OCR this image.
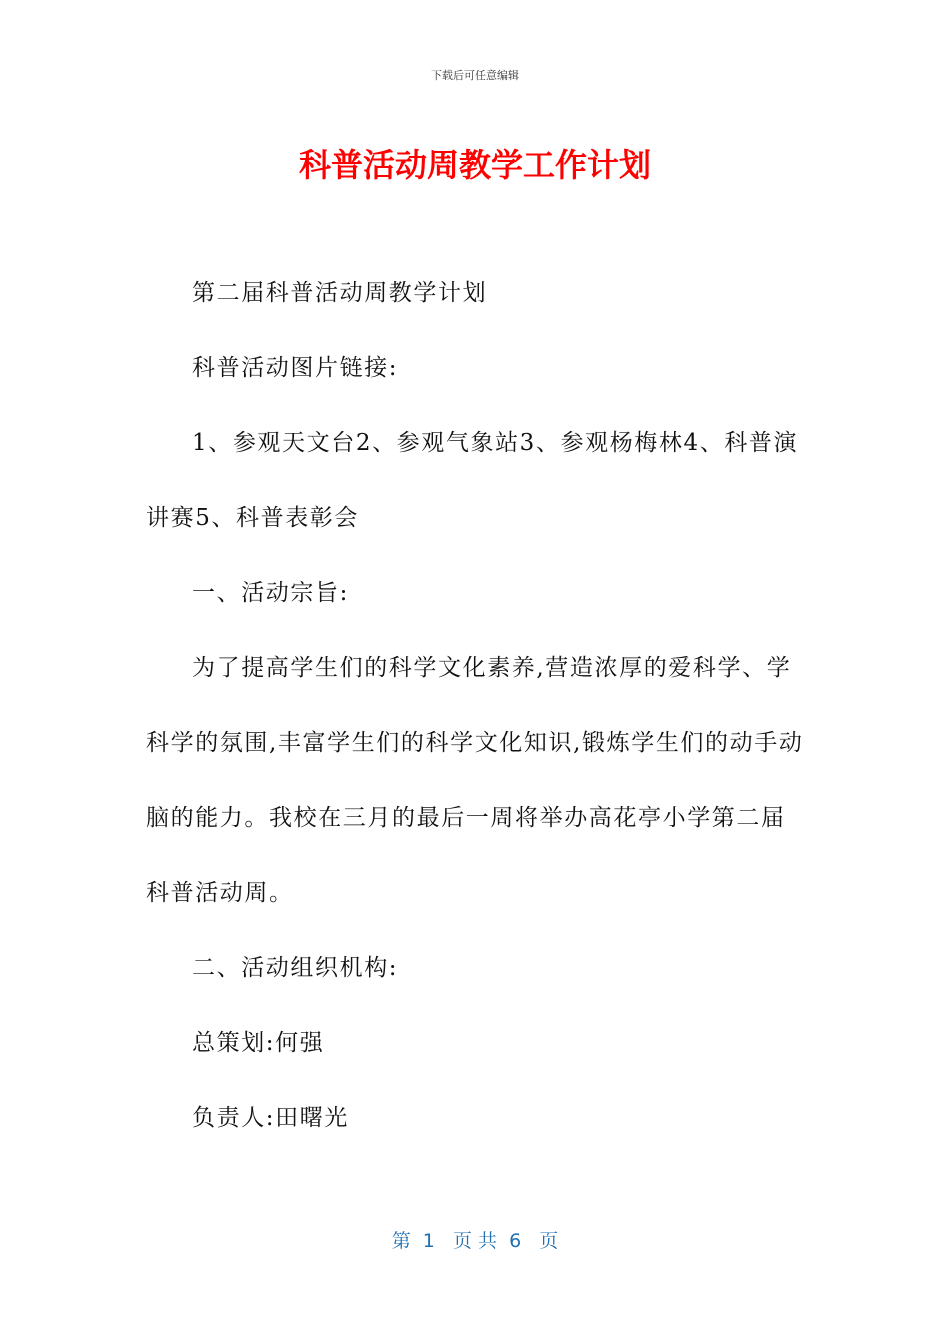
下载后可任意编辑
科普活动周教学工作计划

第二届科普活动周教学计划

科普活动图片链接:

1、参观天文台2、参观气象站3、参观杨梅林4、科普演讲赛5、科普表彰会

一、活动宗旨:

为了提高学生们的科学文化素养,营造浓厚的爱科学、学科学的氛围,丰富学生们的科学文化知识,锻炼学生们的动手动脑的能力。我校在三月的最后一周将举办高花亭小学第二届科普活动周。

二、活动组织机构:

总策划:何强

负责人:田曙光

第  1   页 共  6   页
